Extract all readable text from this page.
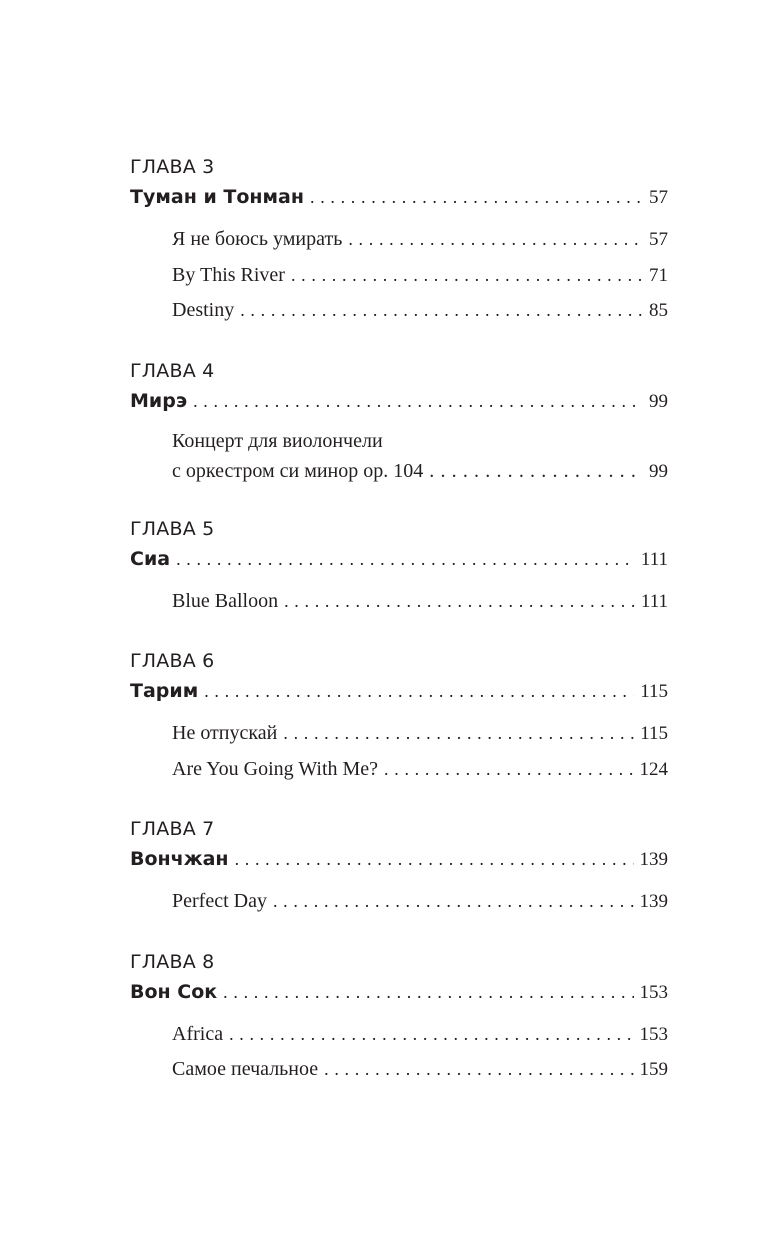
ГЛАВА 3
Туман и Тонман . . .	57
Я не боюсь умирать . . .	57
By This River . . .	71
Destiny . . .	85
ГЛАВА 4
Мирэ . . .	99
Концерт для виолончели
с оркестром си минор ор. 104 . . .	99
ГЛАВА 5
Сиа . . .	111
Blue Balloon . . .	111
ГЛАВА 6
Тарим . . .	115
Не отпускай . . .	115
Are You Going With Me? . . .	124
ГЛАВА 7
Вончжан . . .	139
Perfect Day . . .	139
ГЛАВА 8
Вон Сок . . .	153
Africa . . .	153
Самое печальное . . .	159
